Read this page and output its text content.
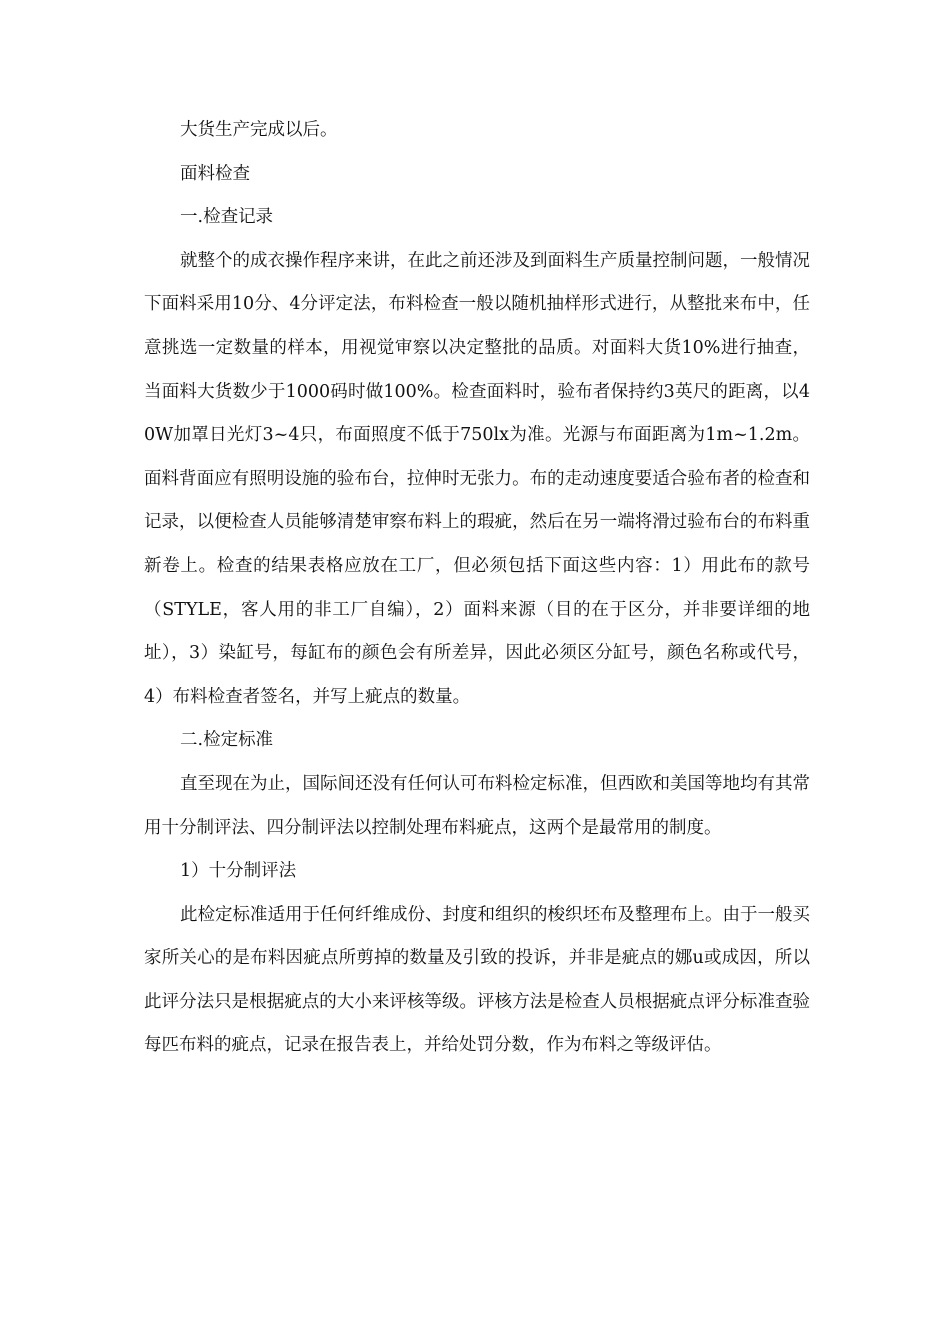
大货生产完成以后。

面料检查

一.检查记录

就整个的成衣操作程序来讲，在此之前还涉及到面料生产质量控制问题，一般情况下面料采用10分、4分评定法，布料检查一般以随机抽样形式进行，从整批来布中，任意挑选一定数量的样本，用视觉审察以决定整批的品质。对面料大货10%进行抽查，当面料大货数少于1000码时做100%。检查面料时，验布者保持约3英尺的距离，以40W加罩日光灯3~4只，布面照度不低于750lx为准。光源与布面距离为1m~1.2m。面料背面应有照明设施的验布台，拉伸时无张力。布的走动速度要适合验布者的检查和记录，以便检查人员能够清楚审察布料上的瑕疵，然后在另一端将滑过验布台的布料重新卷上。检查的结果表格应放在工厂，但必须包括下面这些内容：1）用此布的款号（STYLE，客人用的非工厂自编），2）面料来源（目的在于区分，并非要详细的地址），3）染缸号，每缸布的颜色会有所差异，因此必须区分缸号，颜色名称或代号，4）布料检查者签名，并写上疵点的数量。

二.检定标准

直至现在为止，国际间还没有任何认可布料检定标准，但西欧和美国等地均有其常用十分制评法、四分制评法以控制处理布料疵点，这两个是最常用的制度。

1）十分制评法

此检定标准适用于任何纤维成份、封度和组织的梭织坯布及整理布上。由于一般买家所关心的是布料因疵点所剪掉的数量及引致的投诉，并非是疵点的娜u或成因，所以此评分法只是根据疵点的大小来评核等级。评核方法是检查人员根据疵点评分标准查验每匹布料的疵点，记录在报告表上，并给处罚分数，作为布料之等级评估。
